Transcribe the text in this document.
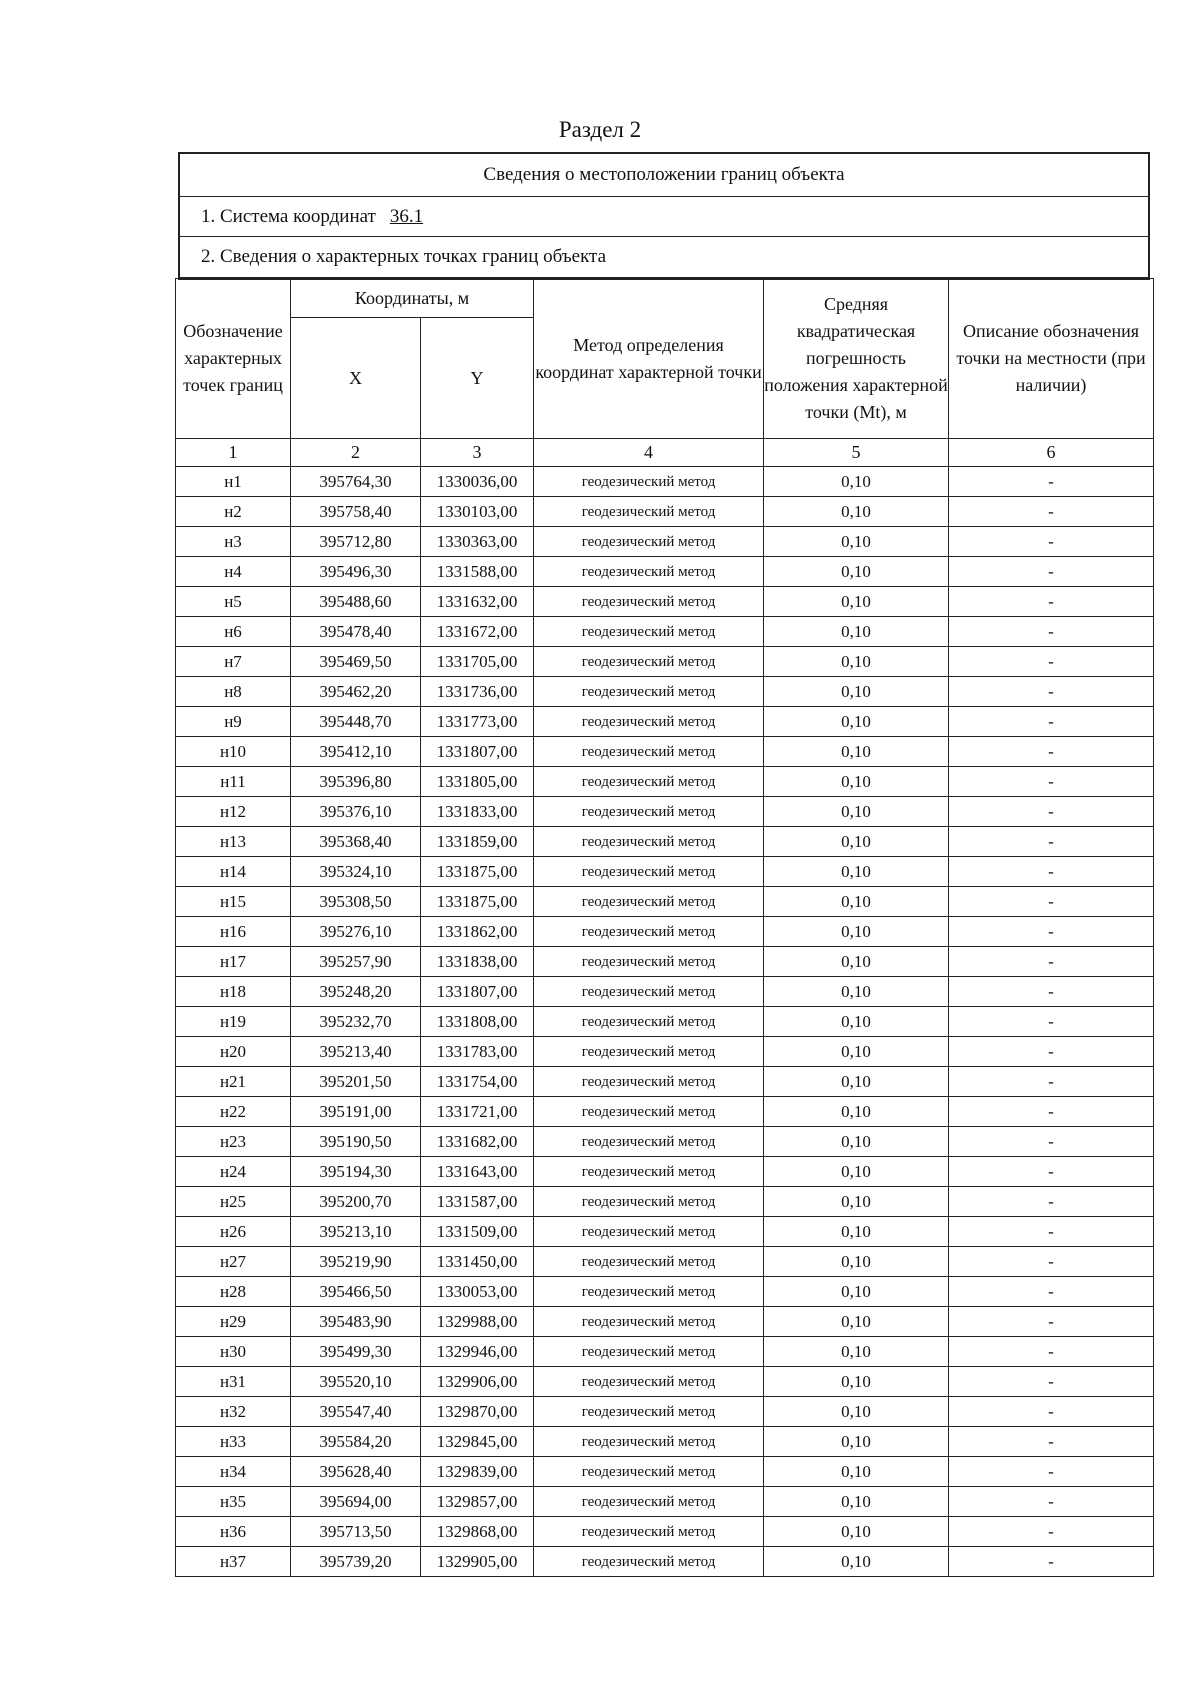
Раздел 2
Сведения о местоположении границ объекта
1. Система координат 36.1
2. Сведения о характерных точках границ объекта
Обозначение характерных точек границ	Координаты, м		Метод определения координат характерной точки	Средняя квадратическая погрешность положения характерной точки (Mt), м	Описание обозначения точки на местности (при наличии)
	X	Y			
1	2	3	4	5	6
н1	395764,30	1330036,00	геодезический метод	0,10	-
н2	395758,40	1330103,00	геодезический метод	0,10	-
н3	395712,80	1330363,00	геодезический метод	0,10	-
н4	395496,30	1331588,00	геодезический метод	0,10	-
н5	395488,60	1331632,00	геодезический метод	0,10	-
н6	395478,40	1331672,00	геодезический метод	0,10	-
н7	395469,50	1331705,00	геодезический метод	0,10	-
н8	395462,20	1331736,00	геодезический метод	0,10	-
н9	395448,70	1331773,00	геодезический метод	0,10	-
н10	395412,10	1331807,00	геодезический метод	0,10	-
н11	395396,80	1331805,00	геодезический метод	0,10	-
н12	395376,10	1331833,00	геодезический метод	0,10	-
н13	395368,40	1331859,00	геодезический метод	0,10	-
н14	395324,10	1331875,00	геодезический метод	0,10	-
н15	395308,50	1331875,00	геодезический метод	0,10	-
н16	395276,10	1331862,00	геодезический метод	0,10	-
н17	395257,90	1331838,00	геодезический метод	0,10	-
н18	395248,20	1331807,00	геодезический метод	0,10	-
н19	395232,70	1331808,00	геодезический метод	0,10	-
н20	395213,40	1331783,00	геодезический метод	0,10	-
н21	395201,50	1331754,00	геодезический метод	0,10	-
н22	395191,00	1331721,00	геодезический метод	0,10	-
н23	395190,50	1331682,00	геодезический метод	0,10	-
н24	395194,30	1331643,00	геодезический метод	0,10	-
н25	395200,70	1331587,00	геодезический метод	0,10	-
н26	395213,10	1331509,00	геодезический метод	0,10	-
н27	395219,90	1331450,00	геодезический метод	0,10	-
н28	395466,50	1330053,00	геодезический метод	0,10	-
н29	395483,90	1329988,00	геодезический метод	0,10	-
н30	395499,30	1329946,00	геодезический метод	0,10	-
н31	395520,10	1329906,00	геодезический метод	0,10	-
н32	395547,40	1329870,00	геодезический метод	0,10	-
н33	395584,20	1329845,00	геодезический метод	0,10	-
н34	395628,40	1329839,00	геодезический метод	0,10	-
н35	395694,00	1329857,00	геодезический метод	0,10	-
н36	395713,50	1329868,00	геодезический метод	0,10	-
н37	395739,20	1329905,00	геодезический метод	0,10	-
